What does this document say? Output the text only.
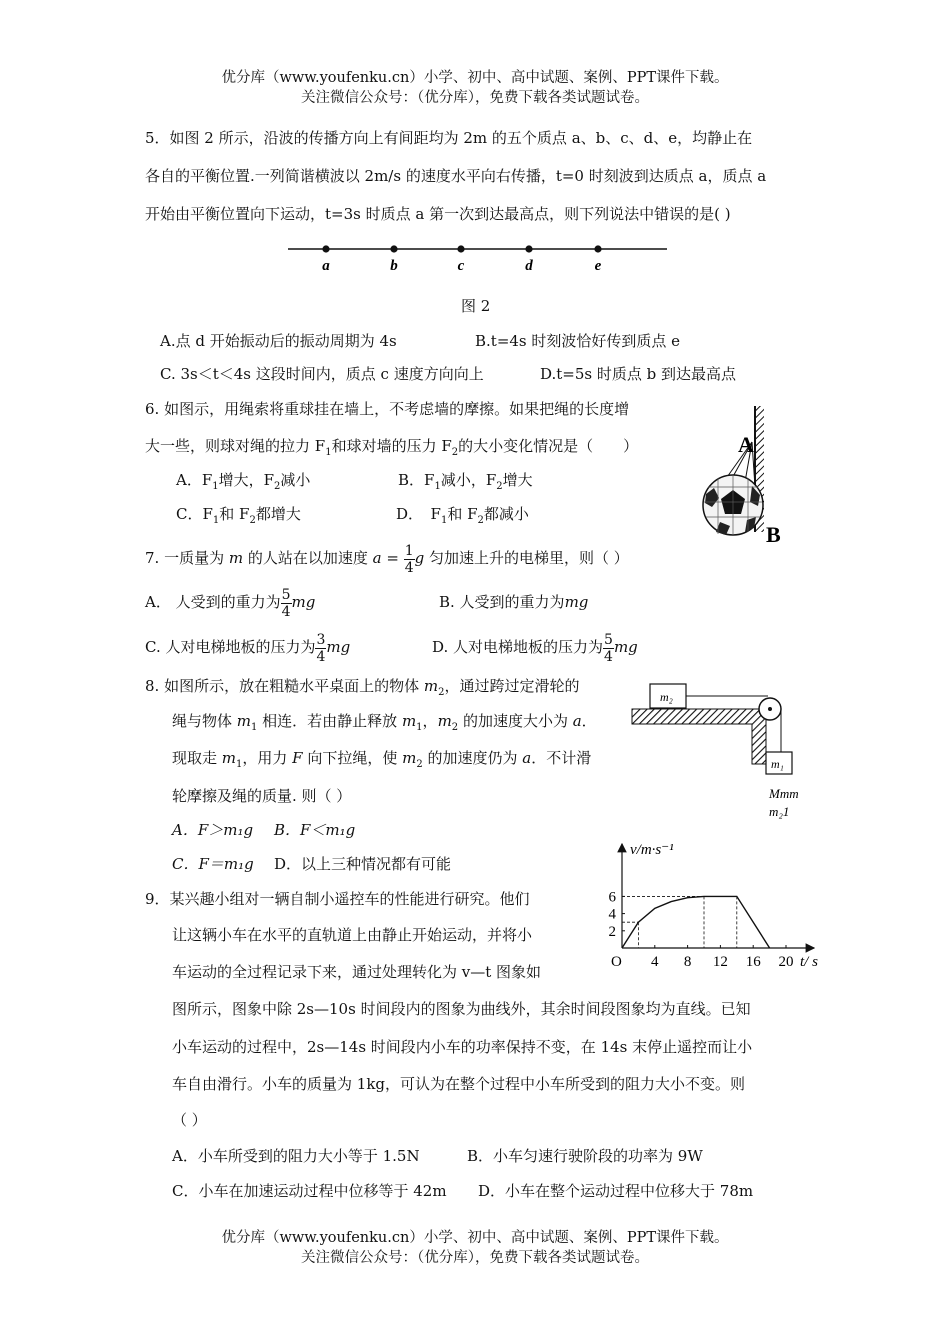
优分库（www.youfenku.cn）小学、初中、高中试题、案例、PPT课件下载。
关注微信公众号：（优分库），免费下载各类试题试卷。
5．如图 2 所示，沿波的传播方向上有间距均为 2m 的五个质点 a、b、c、d、e，均静止在
各自的平衡位置.一列简谐横波以 2m/s 的速度水平向右传播，t=0 时刻波到达质点 a，质点 a
开始由平衡位置向下运动，t=3s 时质点 a 第一次到达最高点，则下列说法中错误的是( )
a	b	c	d	e
图 2
A.点 d 开始振动后的振动周期为 4s	B.t=4s 时刻波恰好传到质点 e
C. 3s＜t＜4s 这段时间内，质点 c 速度方向向上	D.t=5s 时质点 b 到达最高点
6. 如图示，用绳索将重球挂在墙上，不考虑墙的摩擦。如果把绳的长度增
大一些，则球对绳的拉力 $F_1$和球对墙的压力 $F_2$的大小变化情况是（　　）
A．$F_1$增大，$F_2$减小	B．$F_1$减小，$F_2$增大
C．$F_1$和 $F_2$都增大	D．　$F_1$和 $F_2$都减小
A
B
7. 一质量为 m 的人站在以加速度 $a = \frac{1}{4}$ g 匀加速上升的电梯里，则（ ）
A． 人受到的重力为 $\frac{5}{4}$ mg	B. 人受到的重力为mg
C. 人对电梯地板的压力为 $\frac{3}{4}$ mg	D. 人对电梯地板的压力为 $\frac{5}{4}$ mg
8. 如图所示，放在粗糙水平桌面上的物体 $m_2$，通过跨过定滑轮的
绳与物体 $m_1$ 相连．若由静止释放 $m_1$，$m_2$ 的加速度大小为 a．
现取走 $m_1$，用力 F 向下拉绳，使 $m_2$ 的加速度仍为 a．不计滑
轮摩擦及绳的质量. 则（ ）
A．F＞m₁g B．F＜m₁g
C．F＝m₁g D．以上三种情况都有可能
m₂
m₁
Mmm
m₂1
9．某兴趣小组对一辆自制小遥控车的性能进行研究。他们
让这辆小车在水平的直轨道上由静止开始运动，并将小
车运动的全过程记录下来，通过处理转化为 v—t 图象如
图所示，图象中除 2s—10s 时间段内的图象为曲线外，其余时间段图象均为直线。已知
小车运动的过程中，2s—14s 时间段内小车的功率保持不变，在 14s 末停止遥控而让小
车自由滑行。小车的质量为 1kg，可认为在整个过程中小车所受到的阻力大小不变。则
（ ）
A．小车所受到的阻力大小等于 1.5N	B．小车匀速行驶阶段的功率为 9W
C．小车在加速运动过程中位移等于 42m D．小车在整个运动过程中位移大于 78m
4 8 12 16 20
2
4
6
v/m·s⁻¹
t/ s
O
优分库（www.youfenku.cn）小学、初中、高中试题、案例、PPT课件下载。
关注微信公众号：（优分库），免费下载各类试题试卷。
